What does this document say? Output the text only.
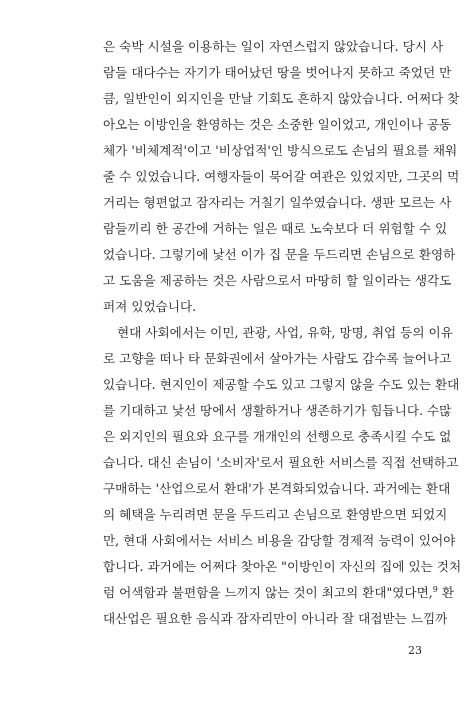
은 숙박 시설을 이용하는 일이 자연스럽지 않았습니다. 당시 사
람들 대다수는 자기가 태어났던 땅을 벗어나지 못하고 죽었던 만
큼, 일반인이 외지인을 만날 기회도 흔하지 않았습니다. 어쩌다 찾
아오는 이방인을 환영하는 것은 소중한 일이었고, 개인이나 공동
체가 '비체계적'이고 '비상업적'인 방식으로도 손님의 필요를 채워
줄 수 있었습니다. 여행자들이 묵어갈 여관은 있었지만, 그곳의 먹
거리는 형편없고 잠자리는 거칠기 일쑤였습니다. 생판 모르는 사
람들끼리 한 공간에 거하는 일은 때로 노숙보다 더 위험할 수 있
었습니다. 그렇기에 낯선 이가 집 문을 두드리면 손님으로 환영하
고 도움을 제공하는 것은 사람으로서 마땅히 할 일이라는 생각도
퍼져 있었습니다.
현대 사회에서는 이민, 관광, 사업, 유학, 망명, 취업 등의 이유
로 고향을 떠나 타 문화권에서 살아가는 사람도 감수록 늘어나고
있습니다. 현지인이 제공할 수도 있고 그렇지 않을 수도 있는 환대
를 기대하고 낯선 땅에서 생활하거나 생존하기가 힘듭니다. 수많
은 외지인의 필요와 요구를 개개인의 선행으로 충족시킬 수도 없
습니다. 대신 손님이 '소비자'로서 필요한 서비스를 직접 선택하고
구매하는 '산업으로서 환대'가 본격화되었습니다. 과거에는 환대
의 혜택을 누리려면 문을 두드리고 손님으로 환영받으면 되었지
만, 현대 사회에서는 서비스 비용을 감당할 경제적 능력이 있어야
합니다. 과거에는 어쩌다 찾아온 "이방인이 자신의 집에 있는 것처
럼 어색함과 불편함을 느끼지 않는 것이 최고의 환대"였다면,$^9$ 환
대산업은 필요한 음식과 잠자리만이 아니라 잘 대접받는 느낌까
23
